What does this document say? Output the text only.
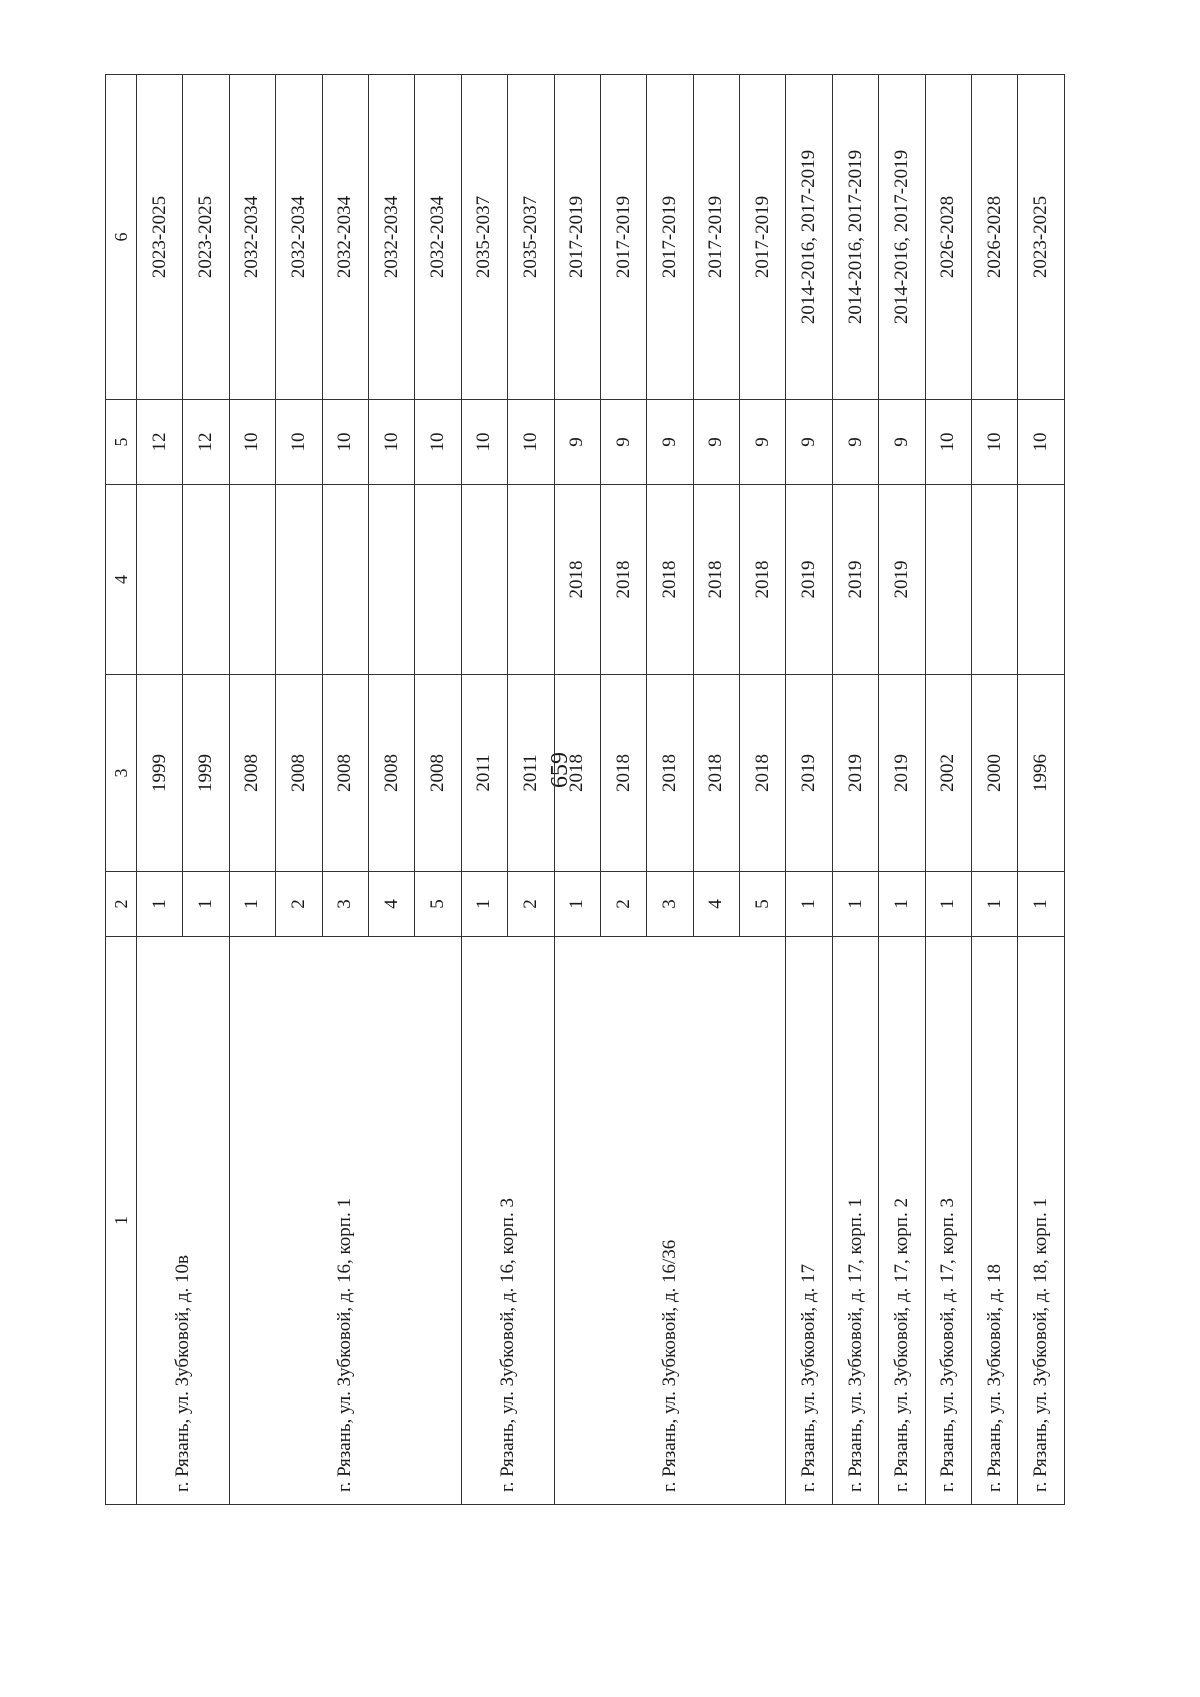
659
1	2	3	4	5	6
г. Рязань, ул. Зубковой, д. 10в	1	1999		12	2023-2025
	1	1999		12	2023-2025
г. Рязань, ул. Зубковой, д. 16, корп. 1	1	2008		10	2032-2034
	2	2008		10	2032-2034
	3	2008		10	2032-2034
	4	2008		10	2032-2034
	5	2008		10	2032-2034
г. Рязань, ул. Зубковой, д. 16, корп. 3	1	2011		10	2035-2037
	2	2011		10	2035-2037
г. Рязань, ул. Зубковой, д. 16/36	1	2018	2018	9	2017-2019
	2	2018	2018	9	2017-2019
	3	2018	2018	9	2017-2019
	4	2018	2018	9	2017-2019
	5	2018	2018	9	2017-2019
г. Рязань, ул. Зубковой, д. 17	1	2019	2019	9	2014-2016, 2017-2019
г. Рязань, ул. Зубковой, д. 17, корп. 1	1	2019	2019	9	2014-2016, 2017-2019
г. Рязань, ул. Зубковой, д. 17, корп. 2	1	2019	2019	9	2014-2016, 2017-2019
г. Рязань, ул. Зубковой, д. 17, корп. 3	1	2002		10	2026-2028
г. Рязань, ул. Зубковой, д. 18	1	2000		10	2026-2028
г. Рязань, ул. Зубковой, д. 18, корп. 1	1	1996		10	2023-2025
